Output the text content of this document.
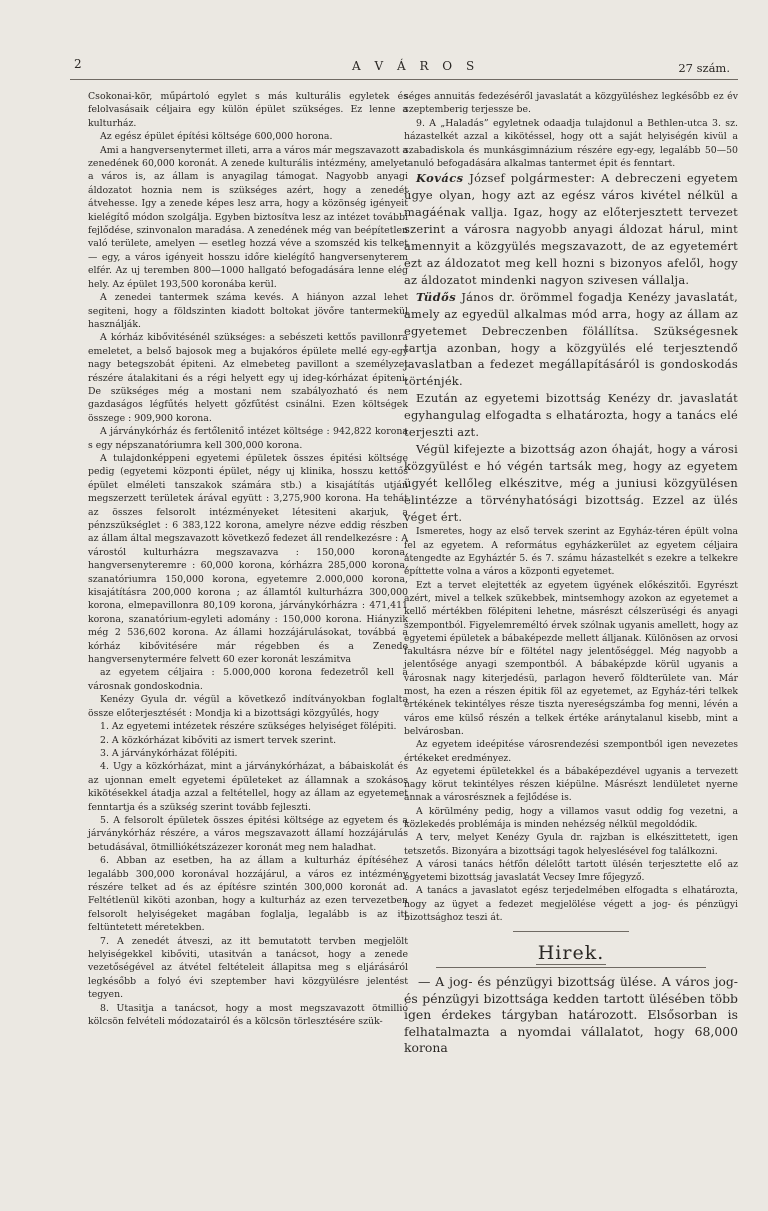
2	A V Á R O S	27 szám.

Csokonai-kör, műpártoló egylet s más kulturális egyletek és felolvasásaik céljaira egy külön épület szükséges. Ez lenne a kulturház.

Az egész épület építési költsége 600,000 horona.

Ami a hangversenytermet illeti, arra a város már megszavazott a zenedének 60,000 koronát. A zenede kulturális intézmény, amelyet a város is, az állam is anyagilag támogat. Nagyobb anyagi áldozatot hoznia nem is szükséges azért, hogy a zenedét átvehesse. Igy a zenede képes lesz arra, hogy a közönség igényeit kielégítő módon szolgálja. Egyben biztosítva lesz az intézet további fejlődése, szinvonalon maradása. A zenedének még van beépítetlen való területe, amelyen — esetleg hozzá véve a szomszéd kis telket — egy, a város igényeit hosszu időre kielégítő hangversenyterem elfér. Az uj teremben 800—1000 hallgató befogadására lenne elég hely. Az épület 193,500 koronába kerül.

A zenedei tantermek száma kevés. A hiányon azzal lehet segiteni, hogy a földszinten kiadott boltokat jövőre tantermekül használják.

A kórház kibővitésénél szükséges: a sebészeti kettős pavillonra emeletet, a belső bajosok meg a bujakóros épülete mellé egy-egy nagy betegszobát épiteni. Az elmebeteg pavillont a személyzet részére átalakitani és a régi helyett egy uj ideg-kórházat épiteni. De szükséges még a mostani nem szabályozható és nem gazdaságos légfűtés helyett gőzfűtést csinálni. Ezen költségek összege : 909,900 korona.

A járványkórház és fertőlenitő intézet költsége : 942,822 korona s egy népszanatóriumra kell 300,000 korona.

A tulajdonképpeni egyetemi épületek összes épitési költsége pedig (egyetemi központi épület, négy uj klinika, hosszu kettős épület elméleti tanszakok számára stb.) a kisajátítás utján megszerzett területek árával együtt : 3,275,900 korona. Ha tehát az összes felsorolt intézményeket létesiteni akarjuk, a pénzszükséglet : 6 383,122 korona, amelyre nézve eddig részben az állam által megszavazott következő fedezet áll rendelkezésre : A várostól kulturházra megszavazva : 150,000 korona, hangversenyteremre : 60,000 korona, kórházra 285,000 korona, szanatóriumra 150,000 korona, egyetemre 2.000,000 korona, kisajátításra 200,000 korona ; az államtól kulturházra 300,000 korona, elmepavillonra 80,109 korona, járványkórházra : 471,411 korona, szanatórium-egyleti adomány : 150,000 korona. Hiányzik még 2 536,602 korona. Az állami hozzájárulásokat, továbbá a kórház kibővitésére már régebben és a Zenede hangversenytermére felvett 60 ezer koronát leszámitva

az egyetem céljaira : 5.000,000 korona fedezetről kell a városnak gondoskodnia.

Kenézy Gyula dr. végül a következő indítványokban foglalta össze előterjesztését : Mondja ki a bizottsági közgyűlés, hogy

1. Az egyetemi intézetek részére szükséges helyiséget fölépiti.

2. A közkórházat kibőviti az ismert tervek szerint.

3. A járványkórházat fölépiti.

4. Ugy a közkórházat, mint a járványkórházat, a bábaiskolát és az ujonnan emelt egyetemi épületeket az államnak a szokásos kikötésekkel átadja azzal a feltétellel, hogy az állam az egyetemet fenntartja és a szükség szerint tovább fejleszti.

5. A felsorolt épületek összes épitési költsége az egyetem és a járványkórház részére, a város megszavazott államí hozzájárulás betudásával, ötmilliókétszázezer koronát meg nem haladhat.

6. Abban az esetben, ha az állam a kulturház építéséhez legalább 300,000 koronával hozzájárul, a város ez intézmény részére telket ad és az építésre szintén 300,000 koronát ad. Feltétlenül kiköti azonban, hogy a kulturház az ezen tervezetben felsorolt helyiségeket magában foglalja, legalább is az itt feltüntetett méretekben.

7. A zenedét átveszi, az itt bemutatott tervben megjelölt helyiségekkel kibőviti, utasitván a tanácsot, hogy a zenede vezetőségével az átvétel feltételeit állapitsa meg s eljárásáról legkésőbb a folyó évi szeptember havi közgyülésre jelentést tegyen.

8. Utasitja a tanácsot, hogy a most megszavazott ötmillió kölcsön felvételi módozatairól és a kölcsön törlesztésére szük-

séges annuitás fedezéséről javaslatát a közgyüléshez legkésőbb ez év szeptemberig terjessze be.

9. A „Haladás” egyletnek odaadja tulajdonul a Bethlen-utca 3. sz. házastelkét azzal a kikötéssel, hogy ott a saját helyiségén kivül a szabadiskola és munkásgimnázium részére egy-egy, legalább 50—50 tanuló befogadására alkalmas tantermet épit és fenntart.

Kovács József polgármester: A debreczeni egyetem ügye olyan, hogy azt az egész város kivétel nélkül a magáénak vallja. Igaz, hogy az előterjesztett tervezet szerint a városra nagyobb anyagi áldozat hárul, mint amennyit a közgyülés megszavazott, de az egyetemért ezt az áldozatot meg kell hozni s bizonyos afelől, hogy az áldozatot mindenki nagyon szivesen vállalja.

Tüdős János dr. örömmel fogadja Kenézy javaslatát, amely az egyedül alkalmas mód arra, hogy az állam az egyetemet Debreczenben fölállítsa. Szükségesnek tartja azonban, hogy a közgyülés elé terjesztendő javaslatban a fedezet megállapításáról is gondoskodás történjék.

Ezután az egyetemi bizottság Kenézy dr. javaslatát egyhangulag elfogadta s elhatározta, hogy a tanács elé terjeszti azt.

Végül kifejezte a bizottság azon óhaját, hogy a városi közgyülést e hó végén tartsák meg, hogy az egyetem ügyét kellőleg elkészitve, még a juniusi közgyülésen elintézze a törvényhatósági bizottság. Ezzel az ülés véget ért.

Ismeretes, hogy az első tervek szerint az Egyház-téren épült volna fel az egyetem. A református egyházkerület az egyetem céljaira átengedte az Egyháztér 5. és 7. számu házastelkét s ezekre a telkekre építtette volna a város a központi egyetemet.

Ezt a tervet elejtették az egyetem ügyének előkészitői. Egyrészt azért, mivel a telkek szükebbek, mintsemhogy azokon az egyetemet a kellő mértékben fölépiteni lehetne, másrészt célszerüségi és anyagi szempontból. Figyelemreméltó érvek szólnak ugyanis amellett, hogy az egyetemi épületek a bábaképezde mellett álljanak. Különösen az orvosi fakultásra nézve bír e föltétel nagy jelentőséggel. Még nagyobb a jelentősége anyagi szempontból. A bábaképzde körül ugyanis a városnak nagy kiterjedésü, parlagon heverő földterülete van. Már most, ha ezen a részen épitik föl az egyetemet, az Egyház-téri telkek értékének tekintélyes része tiszta nyereségszámba fog menni, lévén a város eme külső részén a telkek értéke aránytalanul kisebb, mint a belvárosban.

Az egyetem ideépitése városrendezési szempontból igen nevezetes értékeket eredményez.

Az egyetemi épületekkel és a bábaképezdével ugyanis a tervezett nagy körut tekintélyes részen kiépülne. Másrészt lendületet nyerne annak a városrésznek a fejlődése is.

A körülmény pedig, hogy a villamos vasut oddig fog vezetni, a közlekedés problémája is minden nehézség nélkül megoldódik.

A terv, melyet Kenézy Gyula dr. rajzban is elkészittetett, igen tetszetős. Bizonyára a bizottsági tagok helyeslésével fog találkozni.

A városi tanács hétfőn délelőtt tartott ülésén terjesztette elő az egyetemi bizottság javaslatát Vecsey Imre főjegyző.

A tanács a javaslatot egész terjedelmében elfogadta s elhatározta, hogy az ügyet a fedezet megjelölése végett a jog- és pénzügyi bizottsághoz teszi át.

Hirek.

— A jog- és pénzügyi bizottság ülése. A város jog- és pénzügyi bizottsága kedden tartott ülésében több igen érdekes tárgyban határozott. Elsősorban is felhatalmazta a nyomdai vállalatot, hogy 68,000 korona
